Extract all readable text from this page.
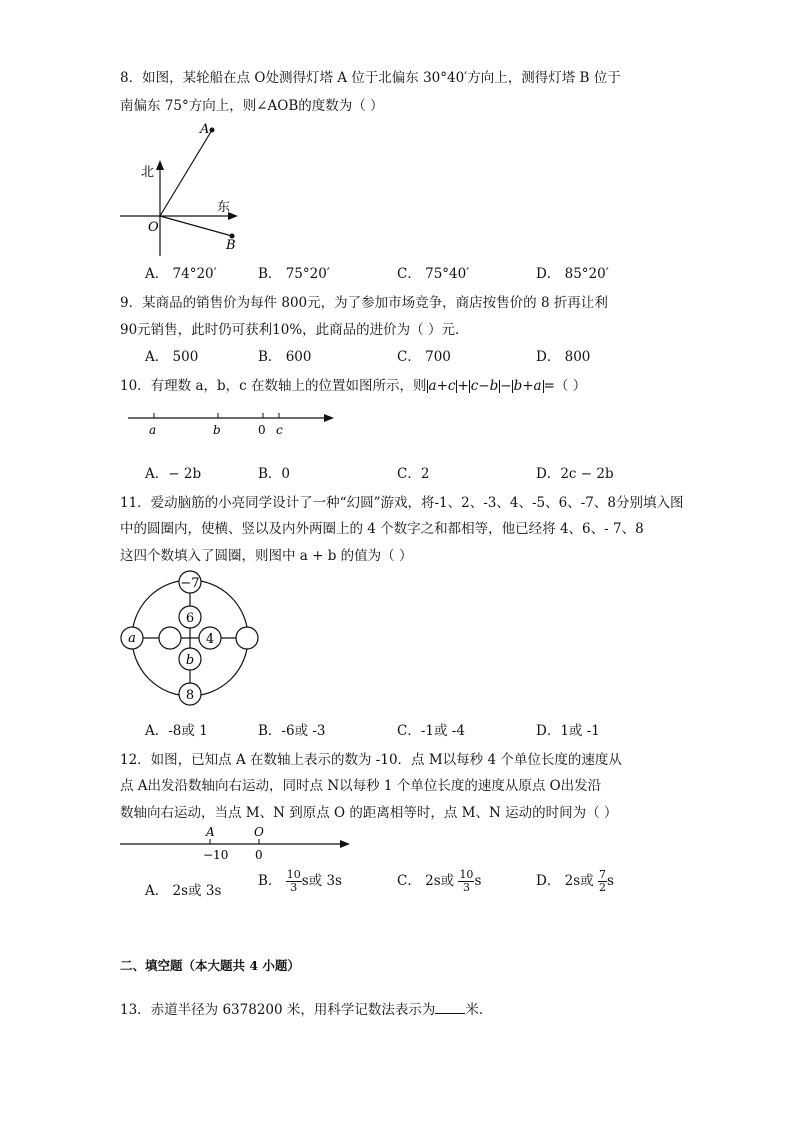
8．如图，某轮船在点 O处测得灯塔 A 位于北偏东 30°40′方向上，测得灯塔 B 位于
南偏东 75°方向上，则∠AOB的度数为（ ）
北
东
O
A
B
A． 74°20′	B． 75°20′	C． 75°40′	D． 85°20′
9．某商品的销售价为每件 800元，为了参加市场竞争，商店按售价的 8 折再让利
90元销售，此时仍可获利10%，此商品的进价为（ ）元．
A． 500	B． 600	C． 700	D． 800
10．有理数 a，b，c 在数轴上的位置如图所示，则 a+c + c−b − b+a =（ ）
a	b	0 c
A．− 2b	B．0	C．2	D．2c − 2b
11．爱动脑筋的小亮同学设计了一种“幻圆”游戏，将-1、2、-3、4、-5、6、-7、8分别填入图
中的圆圈内，使横、竖以及内外两圈上的 4 个数字之和都相等，他已经将 4、6、- 7、8
这四个数填入了圆圈，则图中 a + b 的值为（ ）
−7
6
4
a
b
8
A．-8或 1	B．-6或 -3	C．-1或 -4	D．1或 -1
12．如图，已知点 A 在数轴上表示的数为 -10．点 M以每秒 4 个单位长度的速度从
点 A出发沿数轴向右运动，同时点 N以每秒 1 个单位长度的速度从原点 O出发沿
数轴向右运动，当点 M、N 到原点 O 的距离相等时，点 M、N 运动的时间为（ ）
A	O
−10 0
A． 2s或 3s
B． $\frac{10}{3}$ s或 3s	C． 2s或 $\frac{10}{3}$ s	D． 2s或 $\frac{7}{2}$ s
二、填空题（本大题共 4 小题）
13．赤道半径为 6378200 米，用科学记数法表示为 米．
